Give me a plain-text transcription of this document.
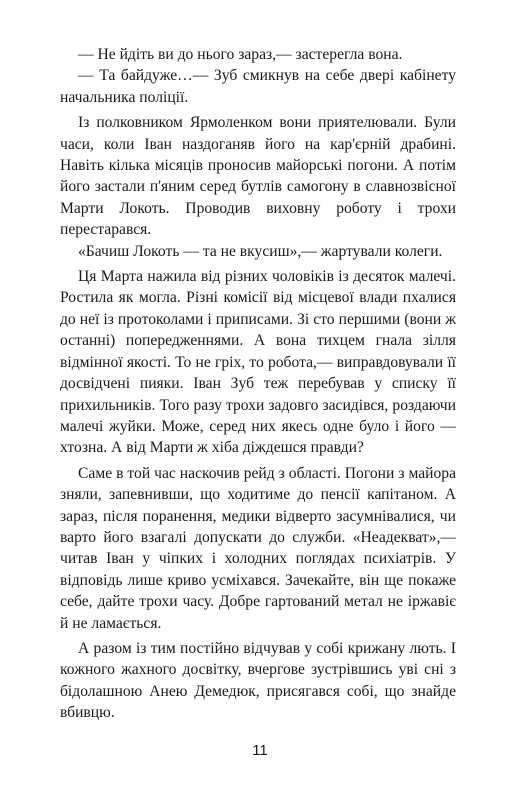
— Не йдіть ви до нього зараз,— застерегла вона.

— Та байдуже…— Зуб смикнув на себе двері кабінету начальника поліції.

Із полковником Ярмоленком вони приятелювали. Були часи, коли Іван наздоганяв його на кар'єрній драбині. Навіть кілька місяців проносив майорські погони. А потім його застали п'яним серед бутлів самогону в славнозвісної Марти Локоть. Проводив виховну роботу і трохи перестарався.

«Бачиш Локоть — та не вкусиш»,— жартували колеги.

Ця Марта нажила від різних чоловіків із десяток малечі. Ростила як могла. Різні комісії від місцевої влади пхалися до неї із протоколами і приписами. Зі сто першими (вони ж останні) попередженнями. А вона тихцем гнала зілля відмінної якості. То не гріх, то робота,— виправдовували її досвідчені пияки. Іван Зуб теж перебував у списку її прихильників. Того разу трохи задовго засидівся, роздаючи малечі жуйки. Може, серед них якесь одне було і його — хтозна. А від Марти ж хіба діждешся правди?

Саме в той час наскочив рейд з області. Погони з майора зняли, запевнивши, що ходитиме до пенсії капітаном. А зараз, після поранення, медики відверто засумнівалися, чи варто його взагалі допускати до служби. «Неадекват»,— читав Іван у чіпких і холодних поглядах психіатрів. У відповідь лише криво усміхався. Зачекайте, він ще покаже себе, дайте трохи часу. Добре гартований метал не іржавіє й не ламається.

А разом із тим постійно відчував у собі крижану лють. І кожного жахного досвітку, вчергове зустрівшись уві сні з бідолашною Анею Демедюк, присягався собі, що знайде вбивцю.

11
